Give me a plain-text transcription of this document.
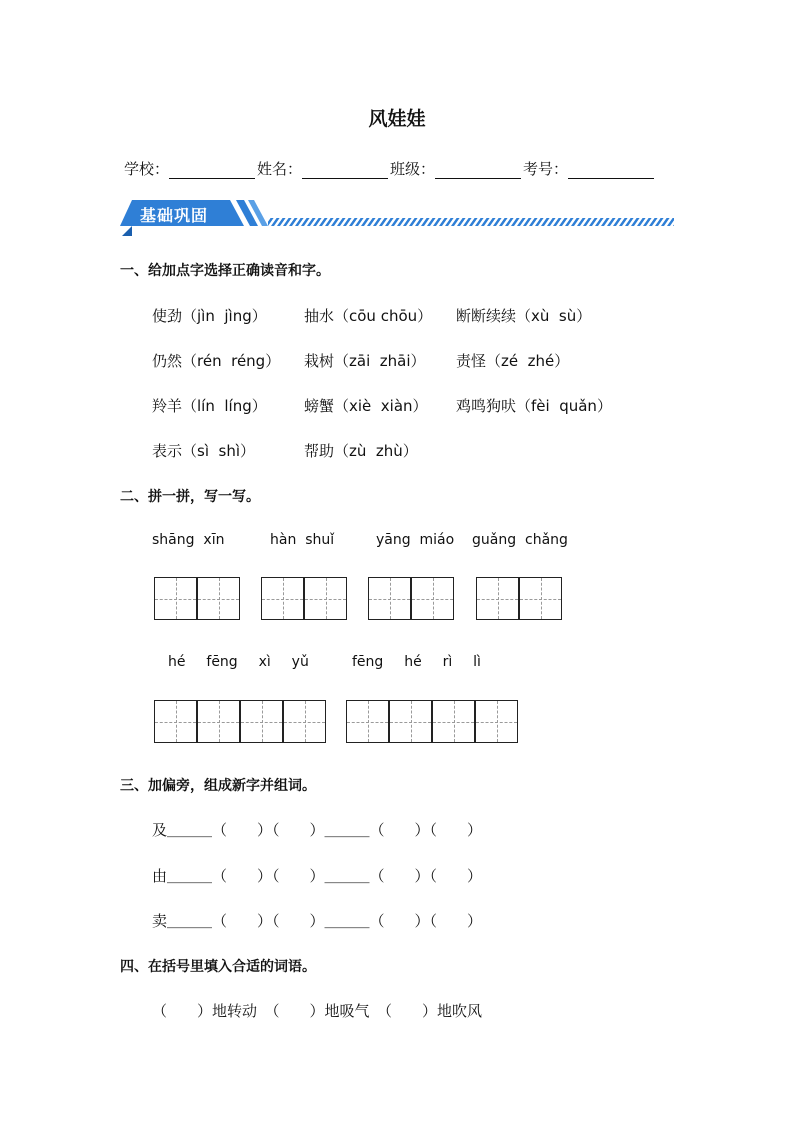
风娃娃
学校：	姓名：	班级：	考号：
基础巩固
一、给加点字选择正确读音和字。
使劲（jìn  jìng） 抽水（cōu chōu） 断断续续（xù  sù）
仍然（rén  réng） 栽树（zāi  zhāi） 责怪（zé  zhé）
羚羊（lín  líng） 螃蟹（xiè  xiàn） 鸡鸣狗吠（fèi  quǎn）
表示（sì  shì）	帮助（zù  zhù）
二、拼一拼，写一写。
shāng  xīn	hàn  shuǐ	yāng  miáo guǎng  chǎng
hé  fēng  xì  yǔ	fēng  hé  rì  lì
三、加偏旁，组成新字并组词。
及＿＿＿（　　）（　　）＿＿＿（　　）（　　）
由＿＿＿（　　）（　　）＿＿＿（　　）（　　）
卖＿＿＿（　　）（　　）＿＿＿（　　）（　　）
四、在括号里填入合适的词语。
（　　）地转动　（　　）地吸气　（　　）地吹风
